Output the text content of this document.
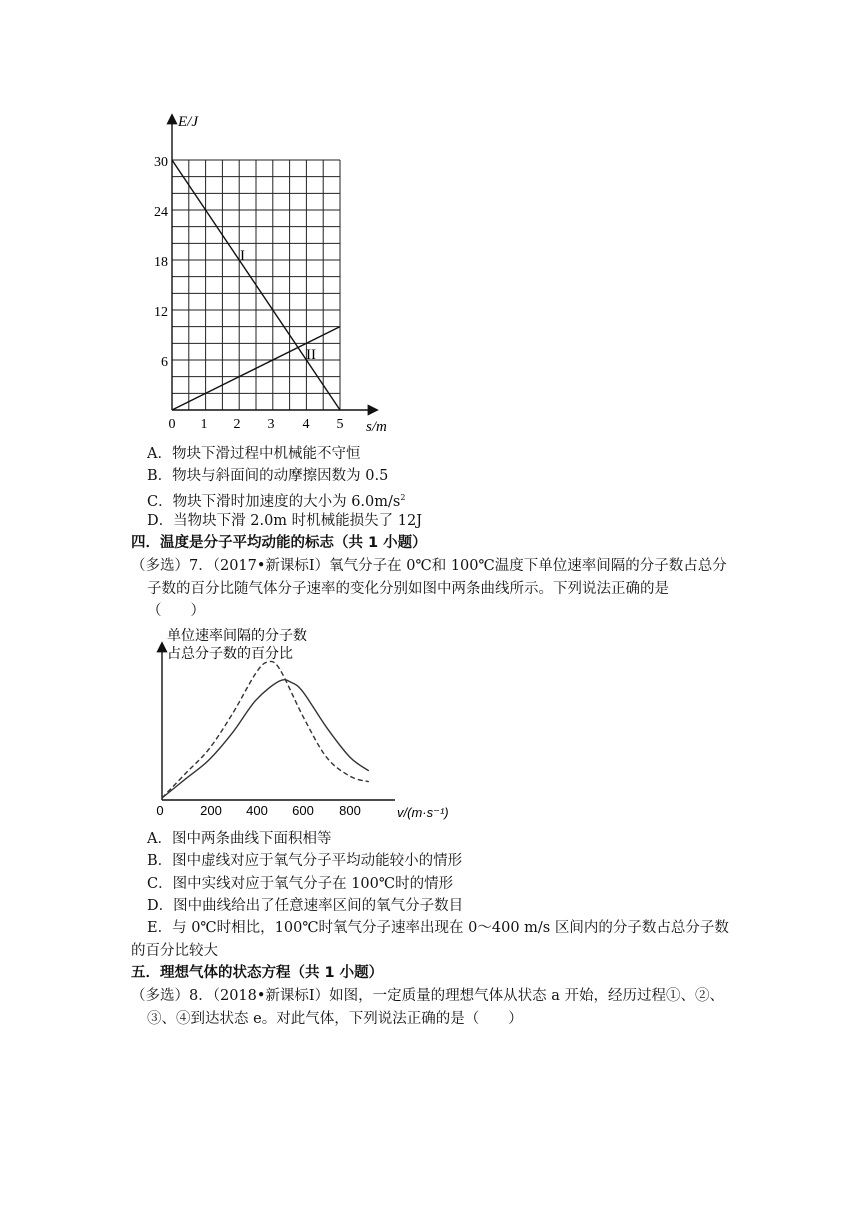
E/J
s/m
30
24
18
12
6
0 1 2 3 4 5
I
II
A．物块下滑过程中机械能不守恒
B．物块与斜面间的动摩擦因数为 0.5
C．物块下滑时加速度的大小为 $6.0m/s^2$
D．当物块下滑 2.0m 时机械能损失了 12J
四．温度是分子平均动能的标志（共 1 小题）
（多选）7．（2017•新课标Ⅰ）氧气分子在 0℃和 100℃温度下单位速率间隔的分子数占总分
子数的百分比随气体分子速率的变化分别如图中两条曲线所示。下列说法正确的是
（　　）
单位速率间隔的分子数
占总分子数的百分比
0	200 400 600 800	v/(m·s⁻¹)
A．图中两条曲线下面积相等
B．图中虚线对应于氧气分子平均动能较小的情形
C．图中实线对应于氧气分子在 100℃时的情形
D．图中曲线给出了任意速率区间的氧气分子数目
E．与 0℃时相比，100℃时氧气分子速率出现在 0～400 m/s 区间内的分子数占总分子数
的百分比较大
五．理想气体的状态方程（共 1 小题）
（多选）8．（2018•新课标Ⅰ）如图，一定质量的理想气体从状态 a 开始，经历过程①、②、
③、④到达状态 e。对此气体，下列说法正确的是（　　）
